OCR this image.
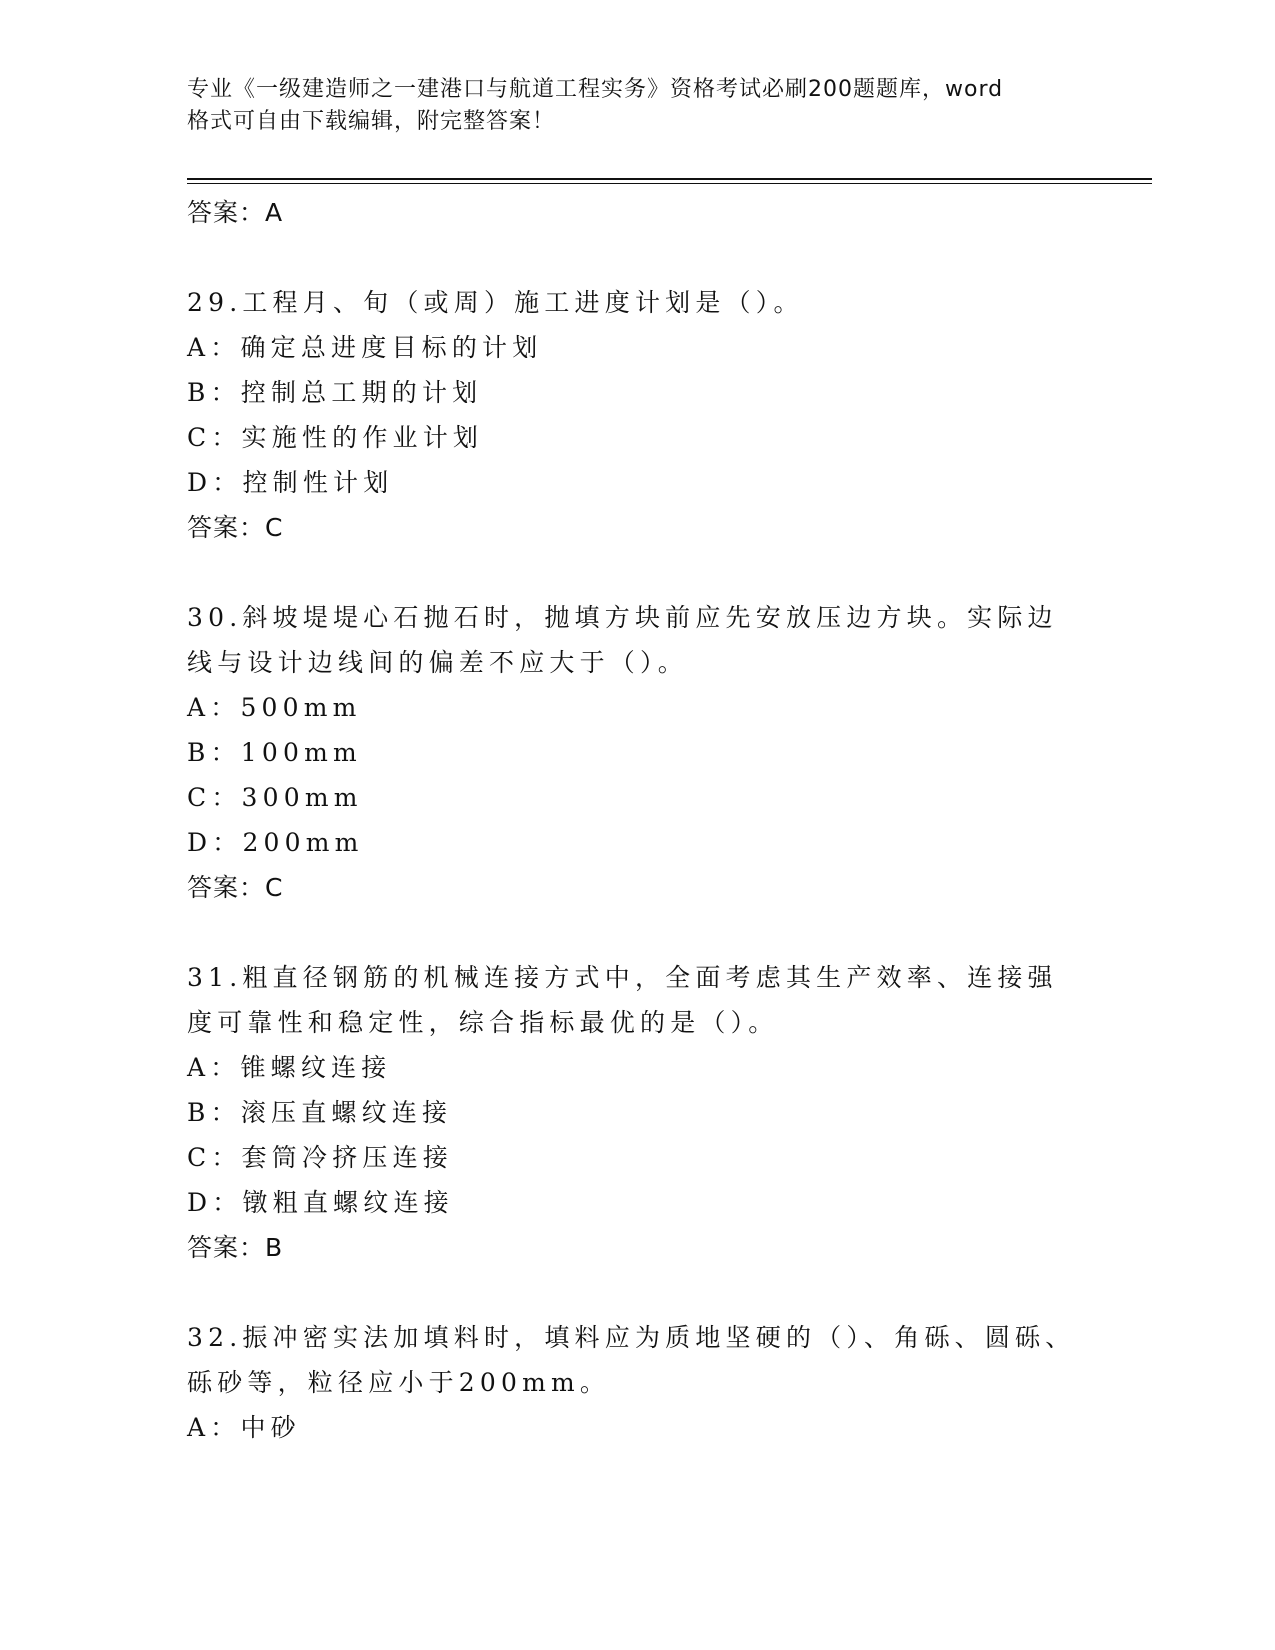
专业《一级建造师之一建港口与航道工程实务》资格考试必刷200题题库，word
格式可自由下载编辑，附完整答案！
答案：A
29.工程月、旬（或周）施工进度计划是（）。
A：确定总进度目标的计划
B：控制总工期的计划
C：实施性的作业计划
D：控制性计划
答案：C
30.斜坡堤堤心石抛石时，抛填方块前应先安放压边方块。实际边线与设计边线间的偏差不应大于（）。
A：500mm
B：100mm
C：300mm
D：200mm
答案：C
31.粗直径钢筋的机械连接方式中，全面考虑其生产效率、连接强度可靠性和稳定性，综合指标最优的是（）。
A：锥螺纹连接
B：滚压直螺纹连接
C：套筒冷挤压连接
D：镦粗直螺纹连接
答案：B
32.振冲密实法加填料时，填料应为质地坚硬的（）、角砾、圆砾、砾砂等，粒径应小于200mm。
A：中砂
